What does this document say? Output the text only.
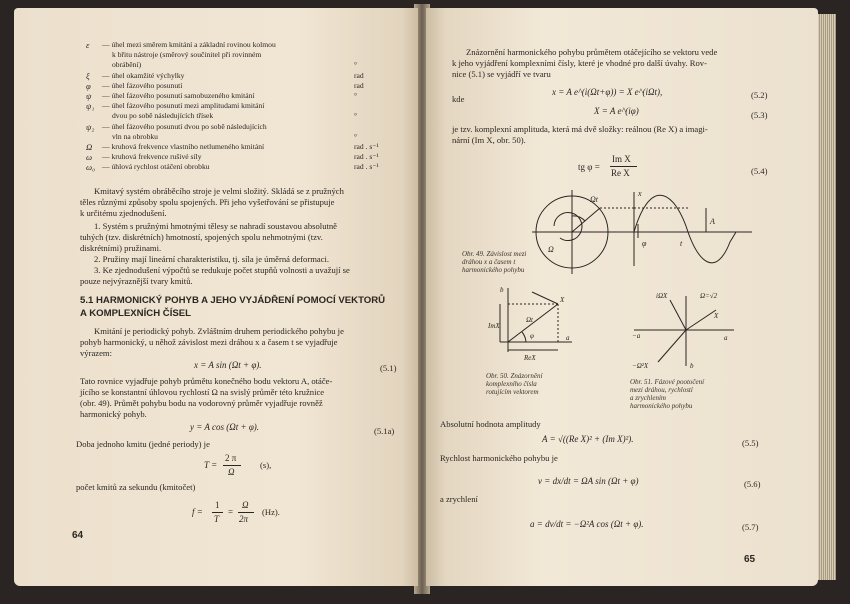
ε — úhel mezi směrem kmitání a základní rovinou kolmou
k břitu nástroje (směrový součinitel při rovinném
obrábění)	°
ξ — úhel okamžité výchylky	rad
φ — úhel fázového posunutí	rad
ψ — úhel fázového posunutí samobuzeného kmitání	°
ψ₁ — úhel fázového posunutí mezi amplitudami kmitání
dvou po sobě následujících třísek	°
ψ₂ — úhel fázového posunutí dvou po sobě následujících
vln na obrobku	°
Ω — kruhová frekvence vlastního netlumeného kmitání	rad . s⁻¹
ω — kruhová frekvence rušivé síly	rad . s⁻¹
ω₀ — úhlová rychlost otáčení obrobku	rad . s⁻¹
Kmitavý systém obráběcího stroje je velmi složitý. Skládá se z pružných
těles různými způsoby spolu spojených. Při jeho vyšetřování se přistupuje
k určitému zjednodušení.
1. Systém s pružnými hmotnými tělesy se nahradí soustavou absolutně
tuhých (tzv. diskrétních) hmotností, spojených spolu nehmotnými (tzv.
diskrétními) pružinami.
2. Pružiny mají lineární charakteristiku, tj. síla je úměrná deformaci.
3. Ke zjednodušení výpočtů se redukuje počet stupňů volnosti a uvažují se
pouze nejvýraznější tvary kmitů.
5.1 HARMONICKÝ POHYB A JEHO VYJÁDŘENÍ POMOCÍ VEKTORŮ
A KOMPLEXNÍCH ČÍSEL
Kmitání je periodický pohyb. Zvláštním druhem periodického pohybu je
pohyb harmonický, u něhož závislost mezi dráhou x a časem t se vyjadřuje
výrazem:
x = A sin (Ωt + φ).	(5.1)
Tato rovnice vyjadřuje pohyb průmětu konečného bodu vektoru A, otáče-
jícího se konstantní úhlovou rychlostí Ω na svislý průměr této kružnice
(obr. 49). Průmět pohybu bodu na vodorovný průměr vyjadřuje rovněž
harmonický pohyb.
y = A cos (Ωt + φ).	(5.1a)
Doba jednoho kmitu (jedné periody) je
T =
2 π
Ω
(s),
počet kmitů za sekundu (kmitočet)
f =
1
T
=
Ω
2π
(Hz).
64
Znázornění harmonického pohybu průmětem otáčejícího se vektoru vede
k jeho vyjádření komplexními čísly, které je vhodné pro další úvahy. Rov-
nice (5.1) se vyjádří ve tvaru
x = A e^(i(Ωt+φ)) = X e^(iΩt),	(5.2)
kde
X = A e^(iφ)	(5.3)
je tzv. komplexní amplituda, která má dvě složky: reálnou (Re X) a imagi-
nární (Im X, obr. 50).
tg φ =
Im X
Re X	(5.4)
Ωt
A
x
φ	t
Ω
Obr. 49. Závislost mezi
dráhou x a časem t
harmonického pohybu
b
a
X
ImX
ReX
Ωt
φ
Obr. 50. Znázornění
komplexního čísla
rotujícím vektorem
iΩX	Ω=√2
X
−a	a
−Ω²X	b
Obr. 51. Fázové pootočení
mezi dráhou, rychlostí
a zrychlením
harmonického pohybu
Absolutní hodnota amplitudy
A = √((Re X)² + (Im X)²).	(5.5)
Rychlost harmonického pohybu je
v = dx/dt = ΩA sin (Ωt + φ)	(5.6)
a zrychlení
a = dv/dt = −Ω²A cos (Ωt + φ).	(5.7)
65
